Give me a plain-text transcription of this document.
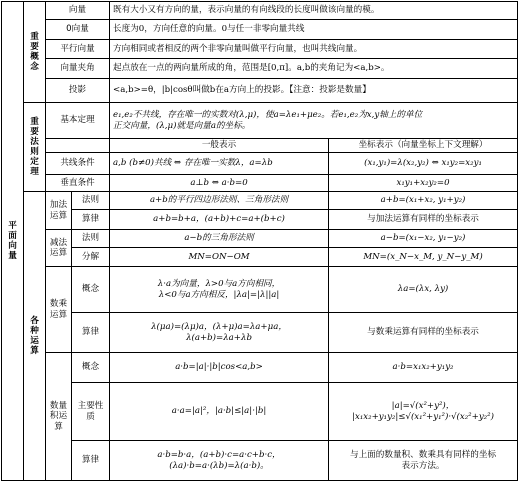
平面向量	重要概念	向量		既有大小又有方向的量，表示向量的有向线段的长度叫做该向量的模。	
		0向量		长度为0，方向任意的向量。0与任一非零向量共线	
		平行向量		方向相同或者相反的两个非零向量叫做平行向量，也叫共线向量。	
		向量夹角		起点放在一点的两向量所成的角，范围是[0,π]。a,b的夹角记为<a,b>。	
		投影		<a,b>=θ，|b|cosθ叫做b在a方向上的投影。【注意：投影是数量】	

	重要法则定理	基本定理		e₁,e₂不共线，存在唯一的实数对(λ,μ)，使a=λe₁+μe₂。若e₁,e₂为x,y轴上的单位
正交向量，(λ,μ)就是向量a的坐标。	

				一般表示	坐标表示（向量坐标上下文理解）
		共线条件		a,b (b≠0)共线 ⇔ 存在唯一实数λ，a=λb	(x₁,y₁)=λ(x₂,y₂) ⇔ x₁y₂=x₂y₁
		垂直条件		a⊥b ⇔ a·b=0	x₁y₁+x₂y₂=0

	各种运算	加法运算	法则	a+b的平行四边形法则、三角形法则	a+b=(x₁+x₂, y₁+y₂)
			算律	a+b=b+a，(a+b)+c=a+(b+c)	与加法运算有同样的坐标表示
		减法运算	法则	a−b的三角形法则	a−b=(x₁−x₂, y₁−y₂)
			分解	MN=ON−OM	MN=(x_N−x_M, y_N−y_M)
		数乘运算	概念	λ·a为向量，λ>0与a方向相同，
λ<0与a方向相反，|λa|=|λ||a|	λa=(λx, λy)
			算律	λ(μa)=(λμ)a，(λ+μ)a=λa+μa，
λ(a+b)=λa+λb	与数乘运算有同样的坐标表示
		数量积运算	概念	a·b=|a|·|b|cos<a,b>	a·b=x₁x₂+y₁y₂
			主要性质	a·a=|a|²，|a·b|≤|a|·|b|	|a|=√(x²+y²)，
|x₁x₂+y₁y₂|≤√(x₁²+y₁²)·√(x₂²+y₂²)

			算律	a·b=b·a，(a+b)·c=a·c+b·c，
(λa)·b=a·(λb)=λ(a·b)。	与上面的数量积、数乘具有同样的坐标
表示方法。
